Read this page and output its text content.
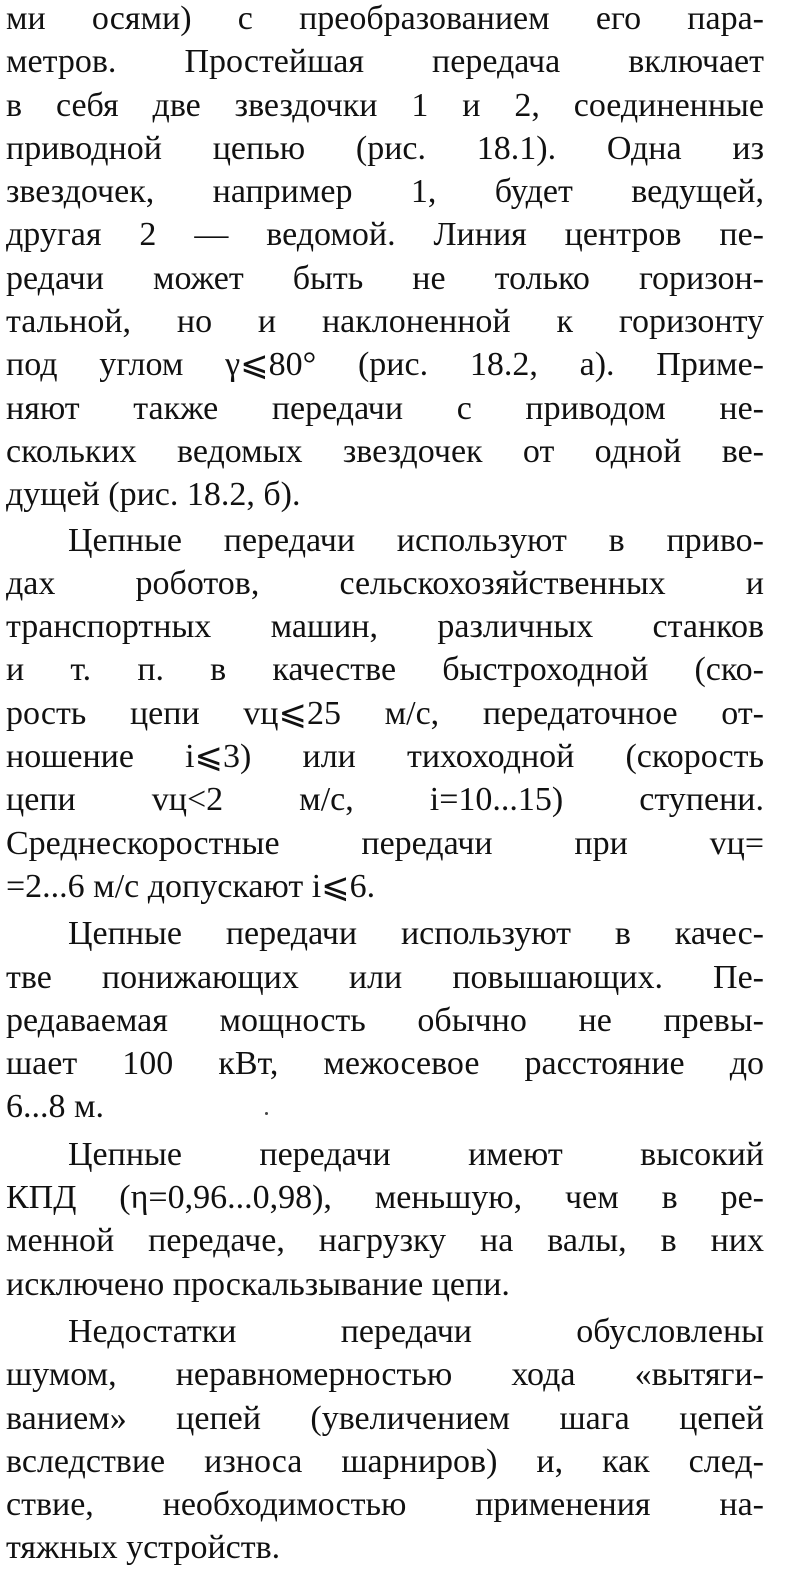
ми осями) с преобразованием его пара-
метров. Простейшая передача включает
в себя две звездочки 1 и 2, соединенные
приводной цепью (рис. 18.1). Одна из
звездочек, например 1, будет ведущей,
другая 2 — ведомой. Линия центров пе-
редачи может быть не только горизон-
тальной, но и наклоненной к горизонту
под углом γ⩽80° (рис. 18.2, а). Приме-
няют также передачи с приводом не-
скольких ведомых звездочек от одной ве-
дущей (рис. 18.2, б).

Цепные передачи используют в приво-
дах роботов, сельскохозяйственных и
транспортных машин, различных станков
и т. п. в качестве быстроходной (ско-
рость цепи vц⩽25 м/с, передаточное от-
ношение i⩽3) или тихоходной (скорость
цепи vц<2 м/с, i=10...15) ступени.
Среднескоростные передачи при vц=
=2...6 м/с допускают i⩽6.

Цепные передачи используют в качес-
тве понижающих или повышающих. Пе-
редаваемая мощность обычно не превы-
шает 100 кВт, межосевое расстояние до
6...8 м.

Цепные передачи имеют высокий
КПД (η=0,96...0,98), меньшую, чем в ре-
менной передаче, нагрузку на валы, в них
исключено проскальзывание цепи.

Недостатки передачи обусловлены
шумом, неравномерностью хода «вытяги-
ванием» цепей (увеличением шага цепей
вследствие износа шарниров) и, как след-
ствие, необходимостью применения на-
тяжных устройств.
